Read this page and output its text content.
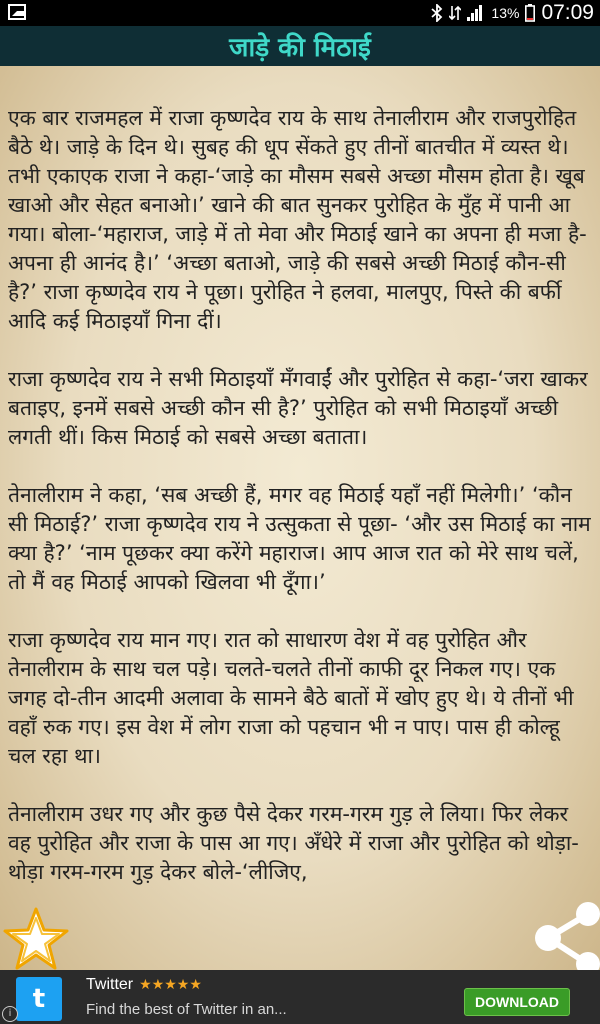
13% 07:09
जाड़े की मिठाई

एक बार राजमहल में राजा कृष्णदेव राय के साथ तेनालीराम और राजपुरोहित बैठे थे। जाड़े के दिन थे। सुबह की धूप सेंकते हुए तीनों बातचीत में व्यस्त थे। तभी एकाएक राजा ने कहा-‘जाड़े का मौसम सबसे अच्छा मौसम होता है। खूब खाओ और सेहत बनाओ।’ खाने की बात सुनकर पुरोहित के मुँह में पानी आ गया। बोला-‘महाराज, जाड़े में तो मेवा और मिठाई खाने का अपना ही मजा है-अपना ही आनंद है।’ ‘अच्छा बताओ, जाड़े की सबसे अच्छी मिठाई कौन-सी है?’ राजा कृष्णदेव राय ने पूछा। पुरोहित ने हलवा, मालपुए, पिस्ते की बर्फी आदि कई मिठाइयाँ गिना दीं।

राजा कृष्णदेव राय ने सभी मिठाइयाँ मँगवाईं और पुरोहित से कहा-‘जरा खाकर बताइए, इनमें सबसे अच्छी कौन सी है?’ पुरोहित को सभी मिठाइयाँ अच्छी लगती थीं। किस मिठाई को सबसे अच्छा बताता।

तेनालीराम ने कहा, ‘सब अच्छी हैं, मगर वह मिठाई यहाँ नहीं मिलेगी।’ ‘कौन सी मिठाई?’ राजा कृष्णदेव राय ने उत्सुकता से पूछा- ‘और उस मिठाई का नाम क्या है?’ ‘नाम पूछकर क्या करेंगे महाराज। आप आज रात को मेरे साथ चलें, तो मैं वह मिठाई आपको खिलवा भी दूँगा।’

राजा कृष्णदेव राय मान गए। रात को साधारण वेश में वह पुरोहित और तेनालीराम के साथ चल पड़े। चलते-चलते तीनों काफी दूर निकल गए। एक जगह दो-तीन आदमी अलावा के सामने बैठे बातों में खोए हुए थे। ये तीनों भी वहाँ रुक गए। इस वेश में लोग राजा को पहचान भी न पाए। पास ही कोल्हू चल रहा था।

तेनालीराम उधर गए और कुछ पैसे देकर गरम-गरम गुड़ ले लिया। फिर लेकर वह पुरोहित और राजा के पास आ गए। अँधेरे में राजा और पुरोहित को थोड़ा-थोड़ा गरम-गरम गुड़ देकर बोले-‘लीजिए,

t
i
Twitter ★★★★★
Find the best of Twitter in an...	DOWNLOAD
